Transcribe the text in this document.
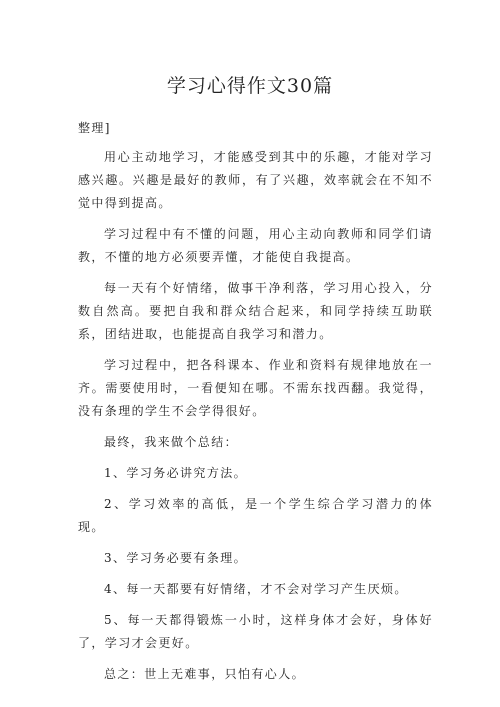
学习心得作文30篇

整理]

用心主动地学习，才能感受到其中的乐趣，才能对学习感兴趣。兴趣是最好的教师，有了兴趣，效率就会在不知不觉中得到提高。

学习过程中有不懂的问题，用心主动向教师和同学们请教，不懂的地方必须要弄懂，才能使自我提高。

每一天有个好情绪，做事干净利落，学习用心投入，分数自然高。要把自我和群众结合起来，和同学持续互助联系，团结进取，也能提高自我学习和潜力。

学习过程中，把各科课本、作业和资料有规律地放在一齐。需要使用时，一看便知在哪。不需东找西翻。我觉得，没有条理的学生不会学得很好。

最终，我来做个总结：

1、学习务必讲究方法。

2、学习效率的高低，是一个学生综合学习潜力的体现。

3、学习务必要有条理。

4、每一天都要有好情绪，才不会对学习产生厌烦。

5、每一天都得锻炼一小时，这样身体才会好，身体好了，学习才会更好。

总之：世上无难事，只怕有心人。
